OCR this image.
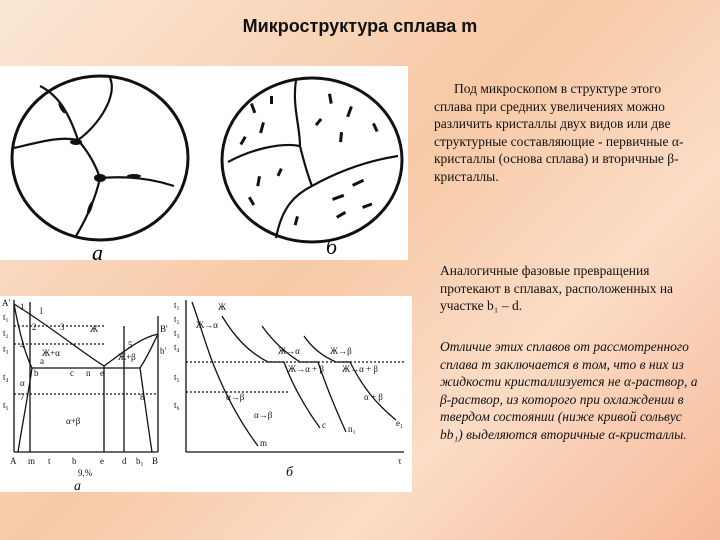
Микроструктура сплава m
а	б
Под микроскопом в структуре этого сплава при средних увеличениях можно различить кристаллы двух видов или две структурные составляющие - первичные α-кристаллы (основа сплава) и вторичные β-кристаллы.
Аналогичные фазовые превращения протекают в сплавах, расположенных на участке b₁ – d.
Отличие этих сплавов от рассмотренного сплава m заключается в том, что в них из жидкости кристаллизуется не α-раствор, а β-раствор, из которого при охлаждении в твердом состоянии (ниже кривой сольвус bb₁) выделяются вторичные α-кристаллы.
A'
t₁
t₂
t₃
t₄
t₅
Ж
α
Ж+α	Ж+β
α+β
l
a
b	c	e
n
B'
b'
3
2
1
4	5
7	8
A m t	e
b	d b₁ B
9,%
а
t₁
t₂
t₃
t₄
t₅
t₆
Ж
Ж→α
Ж→α
Ж→α + β
Ж→β
Ж→α + β
α→β
α→β
α + β
m
c n₁
e₁
τ
б
